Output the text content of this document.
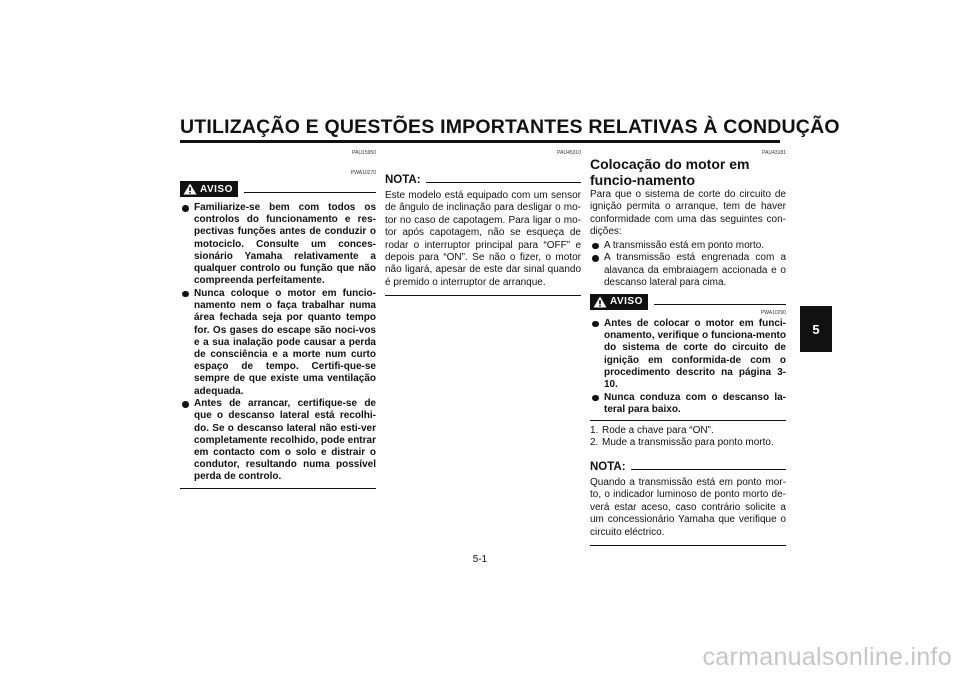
UTILIZAÇÃO E QUESTÕES IMPORTANTES RELATIVAS À CONDUÇÃO

PAU15950

PWA10270

AVISO
Familiarize-se bem com todos os controlos do funcionamento e res-pectivas funções antes de conduzir o motociclo. Consulte um conces-sionário Yamaha relativamente a qualquer controlo ou função que não compreenda perfeitamente.
Nunca coloque o motor em funcio-namento nem o faça trabalhar numa área fechada seja por quanto tempo for. Os gases do escape são noci-vos e a sua inalação pode causar a perda de consciência e a morte num curto espaço de tempo. Certifi-que-se sempre de que existe uma ventilação adequada.
Antes de arrancar, certifique-se de que o descanso lateral está recolhi-do. Se o descanso lateral não esti-ver completamente recolhido, pode entrar em contacto com o solo e distrair o condutor, resultando numa possível perda de controlo.

PAU45310

NOTA:

Este modelo está equipado com um sensor de ângulo de inclinação para desligar o mo-tor no caso de capotagem. Para ligar o mo-tor após capotagem, não se esqueça de rodar o interruptor principal para “OFF” e depois para “ON”. Se não o fizer, o motor não ligará, apesar de este dar sinal quando é premido o interruptor de arranque.

PAU43181

Colocação do motor em funcio-namento

Para que o sistema de corte do circuito de ignição permita o arranque, tem de haver conformidade com uma das seguintes con-dições:

A transmissão está em ponto morto.
A transmissão está engrenada com a alavanca da embraiagem accionada e o descanso lateral para cima.
AVISO

PWA10290

Antes de colocar o motor em funci-onamento, verifique o funciona-mento do sistema de corte do circuito de ignição em conformida-de com o procedimento descrito na página 3-10.
Nunca conduza com o descanso la-teral para baixo.
1. Rode a chave para “ON”.
2. Mude a transmissão para ponto morto.
NOTA:

Quando a transmissão está em ponto mor-to, o indicador luminoso de ponto morto de-verá estar aceso, caso contrário solicite a um concessionário Yamaha que verifique o circuito eléctrico.

5
5-1
carmanualsonline.info
